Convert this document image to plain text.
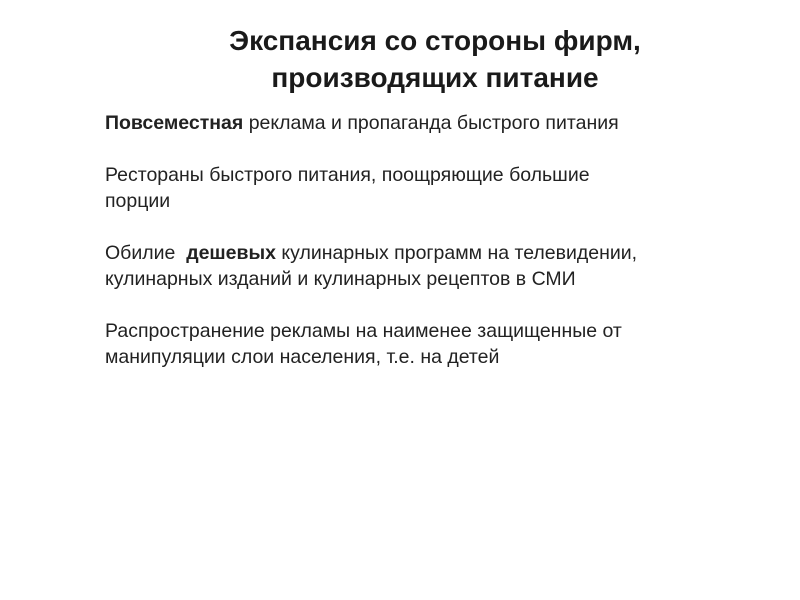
Экспансия со стороны фирм,
производящих питание
Повсеместная реклама и пропаганда быстрого питания
Рестораны быстрого питания, поощряющие большие
порции
Обилие  дешевых кулинарных программ на телевидении,
кулинарных изданий и кулинарных рецептов в СМИ
Распространение рекламы на наименее защищенные от
манипуляции слои населения, т.е. на детей
